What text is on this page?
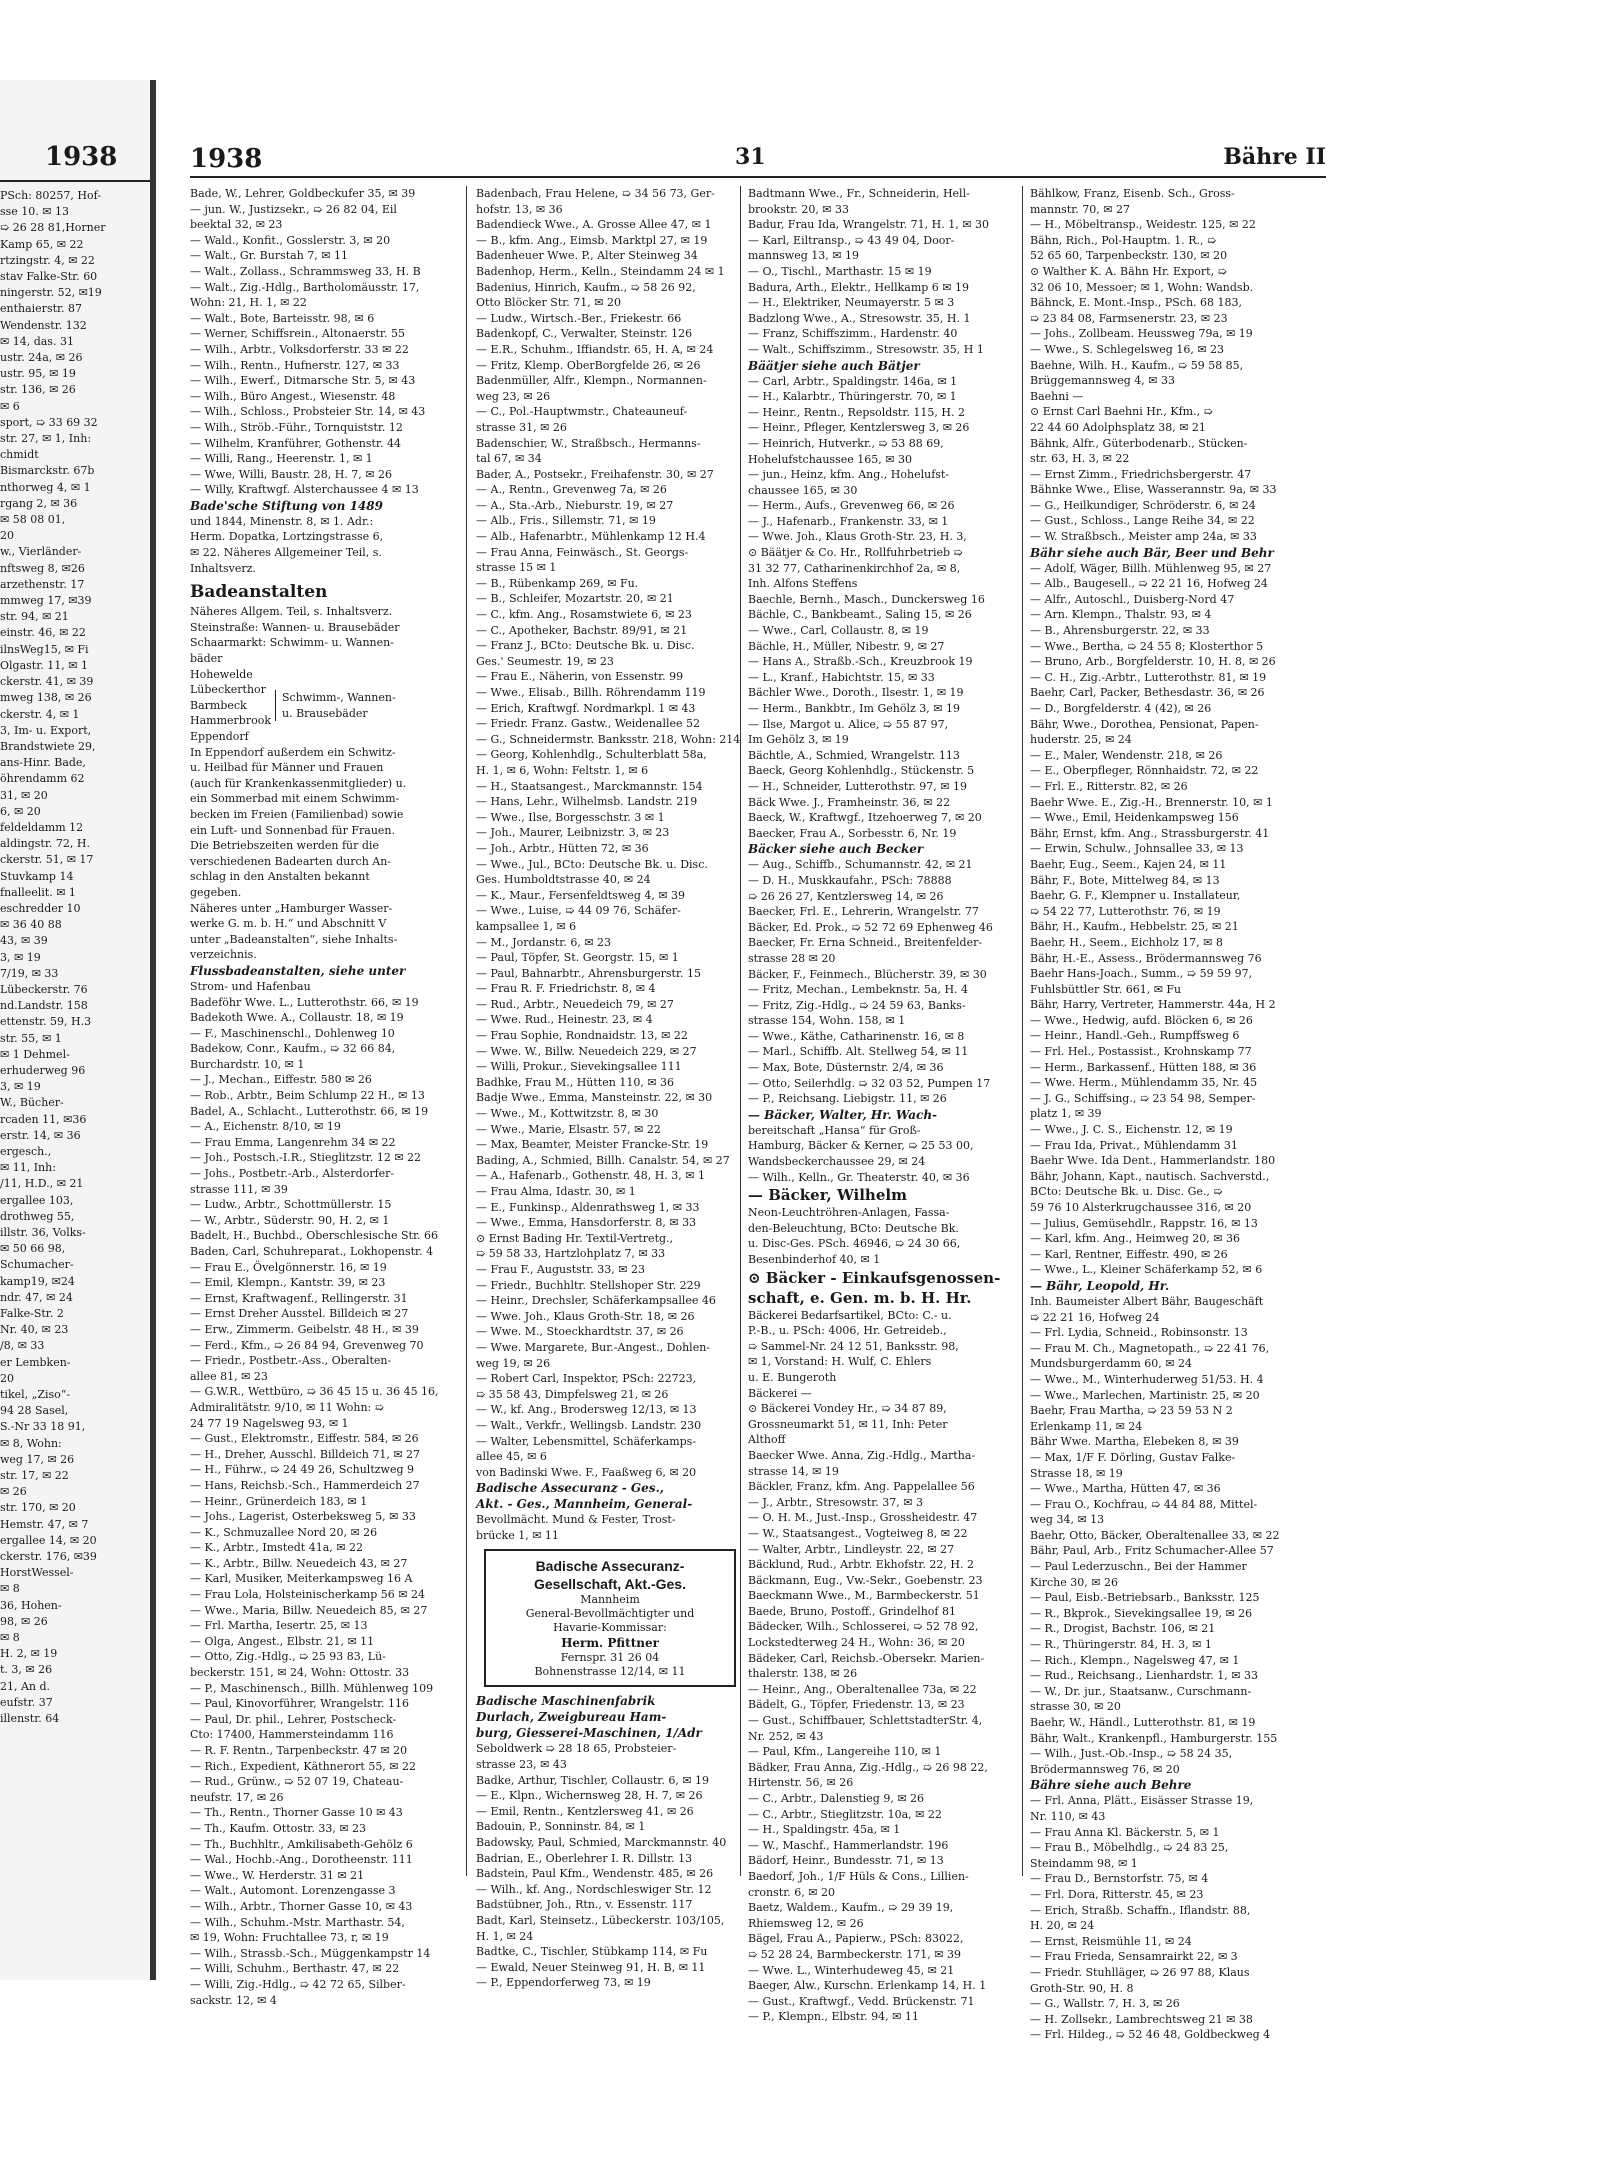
1938
PSch: 80257, Hof-
sse 10. ✉ 13
➯ 26 28 81,Horner
Kamp 65, ✉ 22
rtzingstr. 4, ✉ 22
stav Falke-Str. 60
ningerstr. 52, ✉19
enthaierstr. 87
Wendenstr. 132
✉ 14, das. 31
ustr. 24a, ✉ 26
ustr. 95, ✉ 19
str. 136, ✉ 26
✉ 6
sport, ➯ 33 69 32
str. 27, ✉ 1, Inh:
chmidt
Bismarckstr. 67b
nthorweg 4, ✉ 1
rgang 2, ✉ 36
✉ 58 08 01,
20
w., Vierländer-
nftsweg 8, ✉26
arzethenstr. 17
mmweg 17, ✉39
str. 94, ✉ 21
einstr. 46, ✉ 22
ilnsWeg15, ✉ Fi
Olgastr. 11, ✉ 1
ckerstr. 41, ✉ 39
mweg 138, ✉ 26
ckerstr. 4, ✉ 1
3, Im- u. Export,
Brandstwiete 29,
ans-Hinr. Bade,
öhrendamm 62
31, ✉ 20
6, ✉ 20
feldeldamm 12
aldingstr. 72, H.
ckerstr. 51, ✉ 17
Stuvkamp 14
fnalleelit. ✉ 1
eschredder 10
✉ 36 40 88
43, ✉ 39
3, ✉ 19
7/19, ✉ 33
Lübeckerstr. 76
nd.Landstr. 158
ettenstr. 59, H.3
str. 55, ✉ 1
✉ 1 Dehmel-
erhuderweg 96
3, ✉ 19
W., Bücher-
rcaden 11, ✉36
erstr. 14, ✉ 36
ergesch.,
✉ 11, Inh:
/11, H.D., ✉ 21
ergallee 103,
drothweg 55,
illstr. 36, Volks-
✉ 50 66 98,
Schumacher-
kamp19, ✉24
ndr. 47, ✉ 24
Falke-Str. 2
Nr. 40, ✉ 23
/8, ✉ 33
er Lembken-
20
tikel, „Ziso“-
94 28 Sasel,
S.-Nr 33 18 91,
✉ 8, Wohn:
weg 17, ✉ 26
str. 17, ✉ 22
✉ 26
str. 170, ✉ 20
Hemstr. 47, ✉ 7
ergallee 14, ✉ 20
ckerstr. 176, ✉39
HorstWessel-
✉ 8
36, Hohen-
98, ✉ 26
✉ 8
H. 2, ✉ 19
t. 3, ✉ 26
21, An d.
eufstr. 37
illenstr. 64
1938	31	Bähre II
Bade, W., Lehrer, Goldbeckufer 35, ✉ 39
— jun. W., Justizsekr., ➯ 26 82 04, Eil
beektal 32, ✉ 23
— Wald., Konfit., Gosslerstr. 3, ✉ 20
— Walt., Gr. Burstah 7, ✉ 11
— Walt., Zollass., Schrammsweg 33, H. B
— Walt., Zig.-Hdlg., Bartholomäusstr. 17,
Wohn: 21, H. 1, ✉ 22
— Walt., Bote, Barteisstr. 98, ✉ 6
— Werner, Schiffsrein., Altonaerstr. 55
— Wilh., Arbtr., Volksdorferstr. 33 ✉ 22
— Wilh., Rentn., Hufnerstr. 127, ✉ 33
— Wilh., Ewerf., Ditmarsche Str. 5, ✉ 43
— Wilh., Büro Angest., Wiesenstr. 48
— Wilh., Schloss., Probsteier Str. 14, ✉ 43
— Wilh., Ströb.-Führ., Tornquiststr. 12
— Wilhelm, Kranführer, Gothenstr. 44
— Willi, Rang., Heerenstr. 1, ✉ 1
— Wwe, Willi, Baustr. 28, H. 7, ✉ 26
— Willy, Kraftwgf. Alsterchaussee 4 ✉ 13
Bade'sche Stiftung von 1489
und 1844, Minenstr. 8, ✉ 1. Adr.:
Herm. Dopatka, Lortzingstrasse 6,
✉ 22. Näheres Allgemeiner Teil, s.
Inhaltsverz.
Badeanstalten
Näheres Allgem. Teil, s. Inhaltsverz.
Steinstraße: Wannen- u. Brausebäder
Schaarmarkt: Schwimm- u. Wannen-
bäder
Hohewelde
Lübeckerthor
Barmbeck
Hammerbrook
Eppendorf
Schwimm-, Wannen-
u. Brausebäder
In Eppendorf außerdem ein Schwitz-
u. Heilbad für Männer und Frauen
(auch für Krankenkassenmitglieder) u.
ein Sommerbad mit einem Schwimm-
becken im Freien (Familienbad) sowie
ein Luft- und Sonnenbad für Frauen.
Die Betriebszeiten werden für die
verschiedenen Badearten durch An-
schlag in den Anstalten bekannt
gegeben.
Näheres unter „Hamburger Wasser-
werke G. m. b. H.“ und Abschnitt V
unter „Badeanstalten“, siehe Inhalts-
verzeichnis.
Flussbadeanstalten, siehe unter
Strom- und Hafenbau
Badeföhr Wwe. L., Lutterothstr. 66, ✉ 19
Badekoth Wwe. A., Collaustr. 18, ✉ 19
— F., Maschinenschl., Dohlenweg 10
Badekow, Conr., Kaufm., ➯ 32 66 84,
Burchardstr. 10, ✉ 1
— J., Mechan., Eiffestr. 580 ✉ 26
— Rob., Arbtr., Beim Schlump 22 H., ✉ 13
Badel, A., Schlacht., Lutterothstr. 66, ✉ 19
— A., Eichenstr. 8/10, ✉ 19
— Frau Emma, Langenrehm 34 ✉ 22
— Joh., Postsch.-I.R., Stieglitzstr. 12 ✉ 22
— Johs., Postbetr.-Arb., Alsterdorfer-
strasse 111, ✉ 39
— Ludw., Arbtr., Schottmüllerstr. 15
— W., Arbtr., Süderstr. 90, H. 2, ✉ 1
Badelt, H., Buchbd., Oberschlesische Str. 66
Baden, Carl, Schuhreparat., Lokhopenstr. 4
— Frau E., Övelgönnerstr. 16, ✉ 19
— Emil, Klempn., Kantstr. 39, ✉ 23
— Ernst, Kraftwagenf., Rellingerstr. 31
— Ernst Dreher Ausstel. Billdeich ✉ 27
— Erw., Zimmerm. Geibelstr. 48 H., ✉ 39
— Ferd., Kfm., ➯ 26 84 94, Grevenweg 70
— Friedr., Postbetr.-Ass., Oberalten-
allee 81, ✉ 23
— G.W.R., Wettbüro, ➯ 36 45 15 u. 36 45 16,
Admiralitätstr. 9/10, ✉ 11 Wohn: ➯
24 77 19 Nagelsweg 93, ✉ 1
— Gust., Elektromstr., Eiffestr. 584, ✉ 26
— H., Dreher, Ausschl. Billdeich 71, ✉ 27
— H., Führw., ➯ 24 49 26, Schultzweg 9
— Hans, Reichsb.-Sch., Hammerdeich 27
— Heinr., Grünerdeich 183, ✉ 1
— Johs., Lagerist, Osterbeksweg 5, ✉ 33
— K., Schmuzallee Nord 20, ✉ 26
— K., Arbtr., Imstedt 41a, ✉ 22
— K., Arbtr., Billw. Neuedeich 43, ✉ 27
— Karl, Musiker, Meiterkampsweg 16 A
— Frau Lola, Holsteinischerkamp 56 ✉ 24
— Wwe., Maria, Billw. Neuedeich 85, ✉ 27
— Frl. Martha, Iesertr. 25, ✉ 13
— Olga, Angest., Elbstr. 21, ✉ 11
— Otto, Zig.-Hdlg., ➯ 25 93 83, Lü-
beckerstr. 151, ✉ 24, Wohn: Ottostr. 33
— P., Maschinensch., Billh. Mühlenweg 109
— Paul, Kinovorführer, Wrangelstr. 116
— Paul, Dr. phil., Lehrer, Postscheck-
Cto: 17400, Hammersteindamm 116
— R. F. Rentn., Tarpenbeckstr. 47 ✉ 20
— Rich., Expedient, Käthnerort 55, ✉ 22
— Rud., Grünw., ➯ 52 07 19, Chateau-
neufstr. 17, ✉ 26
— Th., Rentn., Thorner Gasse 10 ✉ 43
— Th., Kaufm. Ottostr. 33, ✉ 23
— Th., Buchhltr., Amkilisabeth-Gehölz 6
— Wal., Hochb.-Ang., Dorotheenstr. 111
— Wwe., W. Herderstr. 31 ✉ 21
— Walt., Automont. Lorenzengasse 3
— Wilh., Arbtr., Thorner Gasse 10, ✉ 43
— Wilh., Schuhm.-Mstr. Marthastr. 54,
✉ 19, Wohn: Fruchtallee 73, r, ✉ 19
— Wilh., Strassb.-Sch., Müggenkampstr 14
— Willi, Schuhm., Berthastr. 47, ✉ 22
— Willi, Zig.-Hdlg., ➯ 42 72 65, Silber-
sackstr. 12, ✉ 4
Badenbach, Frau Helene, ➯ 34 56 73, Ger-
hofstr. 13, ✉ 36
Badendieck Wwe., A. Grosse Allee 47, ✉ 1
— B., kfm. Ang., Eimsb. Marktpl 27, ✉ 19
Badenheuer Wwe. P., Alter Steinweg 34
Badenhop, Herm., Kelln., Steindamm 24 ✉ 1
Badenius, Hinrich, Kaufm., ➯ 58 26 92,
Otto Blöcker Str. 71, ✉ 20
— Ludw., Wirtsch.-Ber., Friekestr. 66
Badenkopf, C., Verwalter, Steinstr. 126
— E.R., Schuhm., Iffiandstr. 65, H. A, ✉ 24
— Fritz, Klemp. OberBorgfelde 26, ✉ 26
Badenmüller, Alfr., Klempn., Normannen-
weg 23, ✉ 26
— C., Pol.-Hauptwmstr., Chateauneuf-
strasse 31, ✉ 26
Badenschier, W., Straßbsch., Hermanns-
tal 67, ✉ 34
Bader, A., Postsekr., Freihafenstr. 30, ✉ 27
— A., Rentn., Grevenweg 7a, ✉ 26
— A., Sta.-Arb., Nieburstr. 19, ✉ 27
— Alb., Fris., Sillemstr. 71, ✉ 19
— Alb., Hafenarbtr., Mühlenkamp 12 H.4
— Frau Anna, Feinwäsch., St. Georgs-
strasse 15 ✉ 1
— B., Rübenkamp 269, ✉ Fu.
— B., Schleifer, Mozartstr. 20, ✉ 21
— C., kfm. Ang., Rosamstwiete 6, ✉ 23
— C., Apotheker, Bachstr. 89/91, ✉ 21
— Franz J., BCto: Deutsche Bk. u. Disc.
Ges.' Seumestr. 19, ✉ 23
— Frau E., Näherin, von Essenstr. 99
— Wwe., Elisab., Billh. Röhrendamm 119
— Erich, Kraftwgf. Nordmarkpl. 1 ✉ 43
— Friedr. Franz. Gastw., Weidenallee 52
— G., Schneidermstr. Banksstr. 218, Wohn: 214
— Georg, Kohlenhdlg., Schulterblatt 58a,
H. 1, ✉ 6, Wohn: Feltstr. 1, ✉ 6
— H., Staatsangest., Marckmannstr. 154
— Hans, Lehr., Wilhelmsb. Landstr. 219
— Wwe., Ilse, Borgesschstr. 3 ✉ 1
— Joh., Maurer, Leibnizstr. 3, ✉ 23
— Joh., Arbtr., Hütten 72, ✉ 36
— Wwe., Jul., BCto: Deutsche Bk. u. Disc.
Ges. Humboldtstrasse 40, ✉ 24
— K., Maur., Fersenfeldtsweg 4, ✉ 39
— Wwe., Luise, ➯ 44 09 76, Schäfer-
kampsallee 1, ✉ 6
— M., Jordanstr. 6, ✉ 23
— Paul, Töpfer, St. Georgstr. 15, ✉ 1
— Paul, Bahnarbtr., Ahrensburgerstr. 15
— Frau R. F. Friedrichstr. 8, ✉ 4
— Rud., Arbtr., Neuedeich 79, ✉ 27
— Wwe. Rud., Heinestr. 23, ✉ 4
— Frau Sophie, Rondnaidstr. 13, ✉ 22
— Wwe. W., Billw. Neuedeich 229, ✉ 27
— Willi, Prokur., Sievekingsallee 111
Badhke, Frau M., Hütten 110, ✉ 36
Badje Wwe., Emma, Mansteinstr. 22, ✉ 30
— Wwe., M., Kottwitzstr. 8, ✉ 30
— Wwe., Marie, Elsastr. 57, ✉ 22
— Max, Beamter, Meister Francke-Str. 19
Bading, A., Schmied, Billh. Canalstr. 54, ✉ 27
— A., Hafenarb., Gothenstr. 48, H. 3, ✉ 1
— Frau Alma, Idastr. 30, ✉ 1
— E., Funkinsp., Aldenrathsweg 1, ✉ 33
— Wwe., Emma, Hansdorferstr. 8, ✉ 33
⊙ Ernst Bading Hr. Textil-Vertretg.,
➯ 59 58 33, Hartzlohplatz 7, ✉ 33
— Frau F., Auguststr. 33, ✉ 23
— Friedr., Buchhltr. Stellshoper Str. 229
— Heinr., Drechsler, Schäferkampsallee 46
— Wwe. Joh., Klaus Groth-Str. 18, ✉ 26
— Wwe. M., Stoeckhardtstr. 37, ✉ 26
— Wwe. Margarete, Bur.-Angest., Dohlen-
weg 19, ✉ 26
— Robert Carl, Inspektor, PSch: 22723,
➯ 35 58 43, Dimpfelsweg 21, ✉ 26
— W., kf. Ang., Brodersweg 12/13, ✉ 13
— Walt., Verkfr., Wellingsb. Landstr. 230
— Walter, Lebensmittel, Schäferkamps-
allee 45, ✉ 6
von Badinski Wwe. F., Faaßweg 6, ✉ 20
Badische Assecuranz - Ges.,
Akt. - Ges., Mannheim, General-
Bevollmächt. Mund & Fester, Trost-
brücke 1, ✉ 11
Badische Assecuranz-
Gesellschaft, Akt.-Ges.
Mannheim
General-Bevollmächtigter und
Havarie-Kommissar:
Herm. Pfittner
Fernspr. 31 26 04
Bohnenstrasse 12/14, ✉ 11
Badische Maschinenfabrik
Durlach, Zweigbureau Ham-
burg, Giesserei-Maschinen, 1/Adr
Seboldwerk ➯ 28 18 65, Probsteier-
strasse 23, ✉ 43
Badke, Arthur, Tischler, Collaustr. 6, ✉ 19
— E., Klpn., Wichernsweg 28, H. 7, ✉ 26
— Emil, Rentn., Kentzlersweg 41, ✉ 26
Badouin, P., Sonninstr. 84, ✉ 1
Badowsky, Paul, Schmied, Marckmannstr. 40
Badrian, E., Oberlehrer I. R. Dillstr. 13
Badstein, Paul Kfm., Wendenstr. 485, ✉ 26
— Wilh., kf. Ang., Nordschleswiger Str. 12
Badstübner, Joh., Rtn., v. Essenstr. 117
Badt, Karl, Steinsetz., Lübeckerstr. 103/105,
H. 1, ✉ 24
Badtke, C., Tischler, Stübkamp 114, ✉ Fu
— Ewald, Neuer Steinweg 91, H. B, ✉ 11
— P., Eppendorferweg 73, ✉ 19
Badtmann Wwe., Fr., Schneiderin, Hell-
brookstr. 20, ✉ 33
Badur, Frau Ida, Wrangelstr. 71, H. 1, ✉ 30
— Karl, Eiltransp., ➯ 43 49 04, Door-
mannsweg 13, ✉ 19
— O., Tischl., Marthastr. 15 ✉ 19
Badura, Arth., Elektr., Hellkamp 6 ✉ 19
— H., Elektriker, Neumayerstr. 5 ✉ 3
Badzlong Wwe., A., Stresowstr. 35, H. 1
— Franz, Schiffszimm., Hardenstr. 40
— Walt., Schiffszimm., Stresowstr. 35, H 1
Bäätjer siehe auch Bätjer
— Carl, Arbtr., Spaldingstr. 146a, ✉ 1
— H., Kalarbtr., Thüringerstr. 70, ✉ 1
— Heinr., Rentn., Repsoldstr. 115, H. 2
— Heinr., Pfleger, Kentzlersweg 3, ✉ 26
— Heinrich, Hutverkr., ➯ 53 88 69,
Hohelufstchaussee 165, ✉ 30
— jun., Heinz, kfm. Ang., Hohelufst-
chaussee 165, ✉ 30
— Herm., Aufs., Grevenweg 66, ✉ 26
— J., Hafenarb., Frankenstr. 33, ✉ 1
— Wwe. Joh., Klaus Groth-Str. 23, H. 3,
⊙ Bäätjer & Co. Hr., Rollfuhrbetrieb ➯
31 32 77, Catharinenkirchhof 2a, ✉ 8,
Inh. Alfons Steffens
Baechle, Bernh., Masch., Dunckersweg 16
Bächle, C., Bankbeamt., Saling 15, ✉ 26
— Wwe., Carl, Collaustr. 8, ✉ 19
Bächle, H., Müller, Nibestr. 9, ✉ 27
— Hans A., Straßb.-Sch., Kreuzbrook 19
— L., Kranf., Habichtstr. 15, ✉ 33
Bächler Wwe., Doroth., Ilsestr. 1, ✉ 19
— Herm., Bankbtr., Im Gehölz 3, ✉ 19
— Ilse, Margot u. Alice, ➯ 55 87 97,
Im Gehölz 3, ✉ 19
Bächtle, A., Schmied, Wrangelstr. 113
Baeck, Georg Kohlenhdlg., Stückenstr. 5
— H., Schneider, Lutterothstr. 97, ✉ 19
Bäck Wwe. J., Framheinstr. 36, ✉ 22
Baeck, W., Kraftwgf., Itzehoerweg 7, ✉ 20
Baecker, Frau A., Sorbesstr. 6, Nr. 19
Bäcker siehe auch Becker
— Aug., Schiffb., Schumannstr. 42, ✉ 21
— D. H., Muskkaufahr., PSch: 78888
➯ 26 26 27, Kentzlersweg 14, ✉ 26
Baecker, Frl. E., Lehrerin, Wrangelstr. 77
Bäcker, Ed. Prok., ➯ 52 72 69 Ephenweg 46
Baecker, Fr. Erna Schneid., Breitenfelder-
strasse 28 ✉ 20
Bäcker, F., Feinmech., Blücherstr. 39, ✉ 30
— Fritz, Mechan., Lembeknstr. 5a, H. 4
— Fritz, Zig.-Hdlg., ➯ 24 59 63, Banks-
strasse 154, Wohn. 158, ✉ 1
— Wwe., Käthe, Catharinenstr. 16, ✉ 8
— Marl., Schiffb. Alt. Stellweg 54, ✉ 11
— Max, Bote, Düsternstr. 2/4, ✉ 36
— Otto, Seilerhdlg. ➯ 32 03 52, Pumpen 17
— P., Reichsang. Liebigstr. 11, ✉ 26
— Bäcker, Walter, Hr. Wach-
bereitschaft „Hansa“ für Groß-
Hamburg, Bäcker & Kerner, ➯ 25 53 00,
Wandsbeckerchaussee 29, ✉ 24
— Wilh., Kelln., Gr. Theaterstr. 40, ✉ 36
— Bäcker, Wilhelm
Neon-Leuchtröhren-Anlagen, Fassa-
den-Beleuchtung, BCto: Deutsche Bk.
u. Disc-Ges. PSch. 46946, ➯ 24 30 66,
Besenbinderhof 40, ✉ 1
⊙ Bäcker - Einkaufsgenossen-
schaft, e. Gen. m. b. H. Hr.
Bäckerei Bedarfsartikel, BCto: C.- u.
P.-B., u. PSch: 4006, Hr. Getreideb.,
➯ Sammel-Nr. 24 12 51, Banksstr. 98,
✉ 1, Vorstand: H. Wulf, C. Ehlers
u. E. Bungeroth
Bäckerei —
⊙ Bäckerei Vondey Hr., ➯ 34 87 89,
Grossneumarkt 51, ✉ 11, Inh: Peter
Althoff
Baecker Wwe. Anna, Zig.-Hdlg., Martha-
strasse 14, ✉ 19
Bäckler, Franz, kfm. Ang. Pappelallee 56
— J., Arbtr., Stresowstr. 37, ✉ 3
— O. H. M., Just.-Insp., Grossheidestr. 47
— W., Staatsangest., Vogteiweg 8, ✉ 22
— Walter, Arbtr., Lindleystr. 22, ✉ 27
Bäcklund, Rud., Arbtr. Ekhofstr. 22, H. 2
Bäckmann, Eug., Vw.-Sekr., Goebenstr. 23
Baeckmann Wwe., M., Barmbeckerstr. 51
Baede, Bruno, Postoff., Grindelhof 81
Bädecker, Wilh., Schlosserei, ➯ 52 78 92,
Lockstedterweg 24 H., Wohn: 36, ✉ 20
Bädeker, Carl, Reichsb.-Obersekr. Marien-
thalerstr. 138, ✉ 26
— Heinr., Ang., Oberaltenallee 73a, ✉ 22
Bädelt, G., Töpfer, Friedenstr. 13, ✉ 23
— Gust., Schiffbauer, SchlettstadterStr. 4,
Nr. 252, ✉ 43
— Paul, Kfm., Langereihe 110, ✉ 1
Bädker, Frau Anna, Zig.-Hdlg., ➯ 26 98 22,
Hirtenstr. 56, ✉ 26
— C., Arbtr., Dalenstieg 9, ✉ 26
— C., Arbtr., Stieglitzstr. 10a, ✉ 22
— H., Spaldingstr. 45a, ✉ 1
— W., Maschf., Hammerlandstr. 196
Bädorf, Heinr., Bundesstr. 71, ✉ 13
Baedorf, Joh., 1/F Hüls & Cons., Lillien-
cronstr. 6, ✉ 20
Baetz, Waldem., Kaufm., ➯ 29 39 19,
Rhiemsweg 12, ✉ 26
Bägel, Frau A., Papierw., PSch: 83022,
➯ 52 28 24, Barmbeckerstr. 171, ✉ 39
— Wwe. L., Winterhudeweg 45, ✉ 21
Baeger, Alw., Kurschn. Erlenkamp 14, H. 1
— Gust., Kraftwgf., Vedd. Brückenstr. 71
— P., Klempn., Elbstr. 94, ✉ 11
Bählkow, Franz, Eisenb. Sch., Gross-
mannstr. 70, ✉ 27
— H., Möbeltransp., Weidestr. 125, ✉ 22
Bähn, Rich., Pol-Hauptm. 1. R., ➯
52 65 60, Tarpenbeckstr. 130, ✉ 20
⊙ Walther K. A. Bähn Hr. Export, ➯
32 06 10, Messoer; ✉ 1, Wohn: Wandsb.
Bähnck, E. Mont.-Insp., PSch. 68 183,
➯ 23 84 08, Farmsenerstr. 23, ✉ 23
— Johs., Zollbeam. Heussweg 79a, ✉ 19
— Wwe., S. Schlegelsweg 16, ✉ 23
Baehne, Wilh. H., Kaufm., ➯ 59 58 85,
Brüggemannsweg 4, ✉ 33
Baehni —
⊙ Ernst Carl Baehni Hr., Kfm., ➯
22 44 60 Adolphsplatz 38, ✉ 21
Bähnk, Alfr., Güterbodenarb., Stücken-
str. 63, H. 3, ✉ 22
— Ernst Zimm., Friedrichsbergerstr. 47
Bähnke Wwe., Elise, Wasserannstr. 9a, ✉ 33
— G., Heilkundiger, Schröderstr. 6, ✉ 24
— Gust., Schloss., Lange Reihe 34, ✉ 22
— W. Straßbsch., Meister amp 24a, ✉ 33
Bähr siehe auch Bär, Beer und Behr
— Adolf, Wäger, Billh. Mühlenweg 95, ✉ 27
— Alb., Baugesell., ➯ 22 21 16, Hofweg 24
— Alfr., Autoschl., Duisberg-Nord 47
— Arn. Klempn., Thalstr. 93, ✉ 4
— B., Ahrensburgerstr. 22, ✉ 33
— Wwe., Bertha, ➯ 24 55 8; Klosterthor 5
— Bruno, Arb., Borgfelderstr. 10, H. 8, ✉ 26
— C. H., Zig.-Arbtr., Lutterothstr. 81, ✉ 19
Baehr, Carl, Packer, Bethesdastr. 36, ✉ 26
— D., Borgfelderstr. 4 (42), ✉ 26
Bähr, Wwe., Dorothea, Pensionat, Papen-
huderstr. 25, ✉ 24
— E., Maler, Wendenstr. 218, ✉ 26
— E., Oberpfleger, Rönnhaidstr. 72, ✉ 22
— Frl. E., Ritterstr. 82, ✉ 26
Baehr Wwe. E., Zig.-H., Brennerstr. 10, ✉ 1
— Wwe., Emil, Heidenkampsweg 156
Bähr, Ernst, kfm. Ang., Strassburgerstr. 41
— Erwin, Schulw., Johnsallee 33, ✉ 13
Baehr, Eug., Seem., Kajen 24, ✉ 11
Bähr, F., Bote, Mittelweg 84, ✉ 13
Baehr, G. F., Klempner u. Installateur,
➯ 54 22 77, Lutterothstr. 76, ✉ 19
Bähr, H., Kaufm., Hebbelstr. 25, ✉ 21
Baehr, H., Seem., Eichholz 17, ✉ 8
Bähr, H.-E., Assess., Brödermannsweg 76
Baehr Hans-Joach., Summ., ➯ 59 59 97,
Fuhlsbüttler Str. 661, ✉ Fu
Bähr, Harry, Vertreter, Hammerstr. 44a, H 2
— Wwe., Hedwig, aufd. Blöcken 6, ✉ 26
— Heinr., Handl.-Geh., Rumpffsweg 6
— Frl. Hel., Postassist., Krohnskamp 77
— Herm., Barkassenf., Hütten 188, ✉ 36
— Wwe. Herm., Mühlendamm 35, Nr. 45
— J. G., Schiffsing., ➯ 23 54 98, Semper-
platz 1, ✉ 39
— Wwe., J. C. S., Eichenstr. 12, ✉ 19
— Frau Ida, Privat., Mühlendamm 31
Baehr Wwe. Ida Dent., Hammerlandstr. 180
Bähr, Johann, Kapt., nautisch. Sachverstd.,
BCto: Deutsche Bk. u. Disc. Ge., ➯
59 76 10 Alsterkrugchaussee 316, ✉ 20
— Julius, Gemüsehdlr., Rappstr. 16, ✉ 13
— Karl, kfm. Ang., Heimweg 20, ✉ 36
— Karl, Rentner, Eiffestr. 490, ✉ 26
— Wwe., L., Kleiner Schäferkamp 52, ✉ 6
— Bähr, Leopold, Hr.
Inh. Baumeister Albert Bähr, Baugeschäft
➯ 22 21 16, Hofweg 24
— Frl. Lydia, Schneid., Robinsonstr. 13
— Frau M. Ch., Magnetopath., ➯ 22 41 76,
Mundsburgerdamm 60, ✉ 24
— Wwe., M., Winterhuderweg 51/53. H. 4
— Wwe., Marlechen, Martinistr. 25, ✉ 20
Baehr, Frau Martha, ➯ 23 59 53 N 2
Erlenkamp 11, ✉ 24
Bähr Wwe. Martha, Elebeken 8, ✉ 39
— Max, 1/F F. Dörling, Gustav Falke-
Strasse 18, ✉ 19
— Wwe., Martha, Hütten 47, ✉ 36
— Frau O., Kochfrau, ➯ 44 84 88, Mittel-
weg 34, ✉ 13
Baehr, Otto, Bäcker, Oberaltenallee 33, ✉ 22
Bähr, Paul, Arb., Fritz Schumacher-Allee 57
— Paul Lederzuschn., Bei der Hammer
Kirche 30, ✉ 26
— Paul, Eisb.-Betriebsarb., Banksstr. 125
— R., Bkprok., Sievekingsallee 19, ✉ 26
— R., Drogist, Bachstr. 106, ✉ 21
— R., Thüringerstr. 84, H. 3, ✉ 1
— Rich., Klempn., Nagelsweg 47, ✉ 1
— Rud., Reichsang., Lienhardstr. 1, ✉ 33
— W., Dr. jur., Staatsanw., Curschmann-
strasse 30, ✉ 20
Baehr, W., Händl., Lutterothstr. 81, ✉ 19
Bähr, Walt., Krankenpfl., Hamburgerstr. 155
— Wilh., Just.-Ob.-Insp., ➯ 58 24 35,
Brödermannsweg 76, ✉ 20
Bähre siehe auch Behre
— Frl. Anna, Plätt., Eisässer Strasse 19,
Nr. 110, ✉ 43
— Frau Anna Kl. Bäckerstr. 5, ✉ 1
— Frau B., Möbelhdlg., ➯ 24 83 25,
Steindamm 98, ✉ 1
— Frau D., Bernstorfstr. 75, ✉ 4
— Frl. Dora, Ritterstr. 45, ✉ 23
— Erich, Straßb. Schaffn., Iflandstr. 88,
H. 20, ✉ 24
— Ernst, Reismühle 11, ✉ 24
— Frau Frieda, Sensamrairkt 22, ✉ 3
— Friedr. Stuhlläger, ➯ 26 97 88, Klaus
Groth-Str. 90, H. 8
— G., Wallstr. 7, H. 3, ✉ 26
— H. Zollsekr., Lambrechtsweg 21 ✉ 38
— Frl. Hildeg., ➯ 52 46 48, Goldbeckweg 4
